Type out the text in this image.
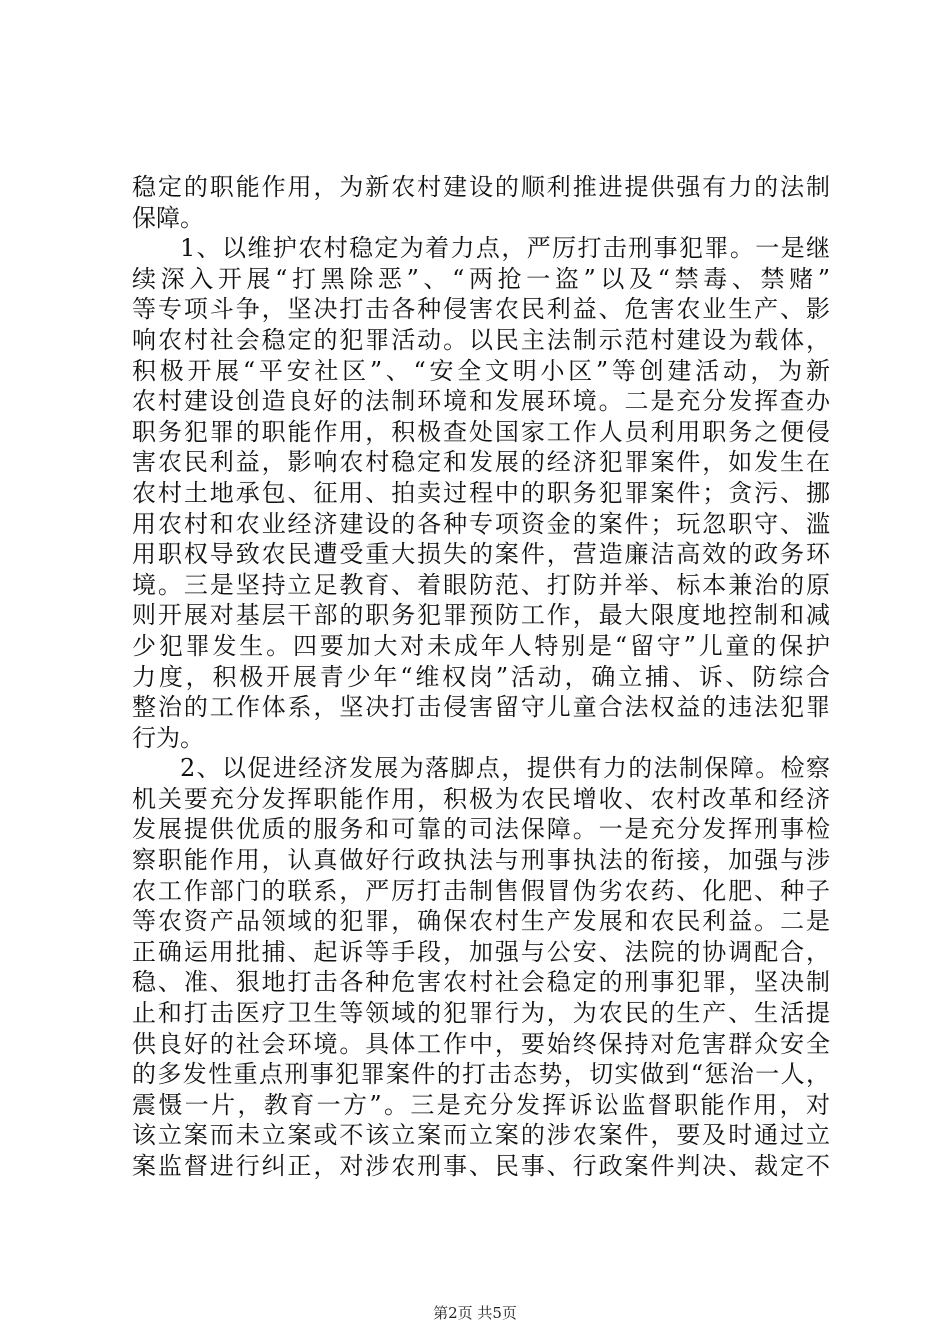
稳定的职能作用，为新农村建设的顺利推进提供强有力的法制
保障。
1、以维护农村稳定为着力点，严厉打击刑事犯罪。一是继
续深入开展“打黑除恶”、“两抢一盗”以及“禁毒、禁赌”
等专项斗争，坚决打击各种侵害农民利益、危害农业生产、影
响农村社会稳定的犯罪活动。以民主法制示范村建设为载体，
积极开展“平安社区”、“安全文明小区”等创建活动，为新
农村建设创造良好的法制环境和发展环境。二是充分发挥查办
职务犯罪的职能作用，积极查处国家工作人员利用职务之便侵
害农民利益，影响农村稳定和发展的经济犯罪案件，如发生在
农村土地承包、征用、拍卖过程中的职务犯罪案件；贪污、挪
用农村和农业经济建设的各种专项资金的案件；玩忽职守、滥
用职权导致农民遭受重大损失的案件，营造廉洁高效的政务环
境。三是坚持立足教育、着眼防范、打防并举、标本兼治的原
则开展对基层干部的职务犯罪预防工作，最大限度地控制和减
少犯罪发生。四要加大对未成年人特别是“留守”儿童的保护
力度，积极开展青少年“维权岗”活动，确立捕、诉、防综合
整治的工作体系，坚决打击侵害留守儿童合法权益的违法犯罪
行为。
2、以促进经济发展为落脚点，提供有力的法制保障。检察
机关要充分发挥职能作用，积极为农民增收、农村改革和经济
发展提供优质的服务和可靠的司法保障。一是充分发挥刑事检
察职能作用，认真做好行政执法与刑事执法的衔接，加强与涉
农工作部门的联系，严厉打击制售假冒伪劣农药、化肥、种子
等农资产品领域的犯罪，确保农村生产发展和农民利益。二是
正确运用批捕、起诉等手段，加强与公安、法院的协调配合，
稳、准、狠地打击各种危害农村社会稳定的刑事犯罪，坚决制
止和打击医疗卫生等领域的犯罪行为，为农民的生产、生活提
供良好的社会环境。具体工作中，要始终保持对危害群众安全
的多发性重点刑事犯罪案件的打击态势，切实做到“惩治一人，
震慑一片，教育一方”。三是充分发挥诉讼监督职能作用，对
该立案而未立案或不该立案而立案的涉农案件，要及时通过立
案监督进行纠正，对涉农刑事、民事、行政案件判决、裁定不
第2页 共5页
